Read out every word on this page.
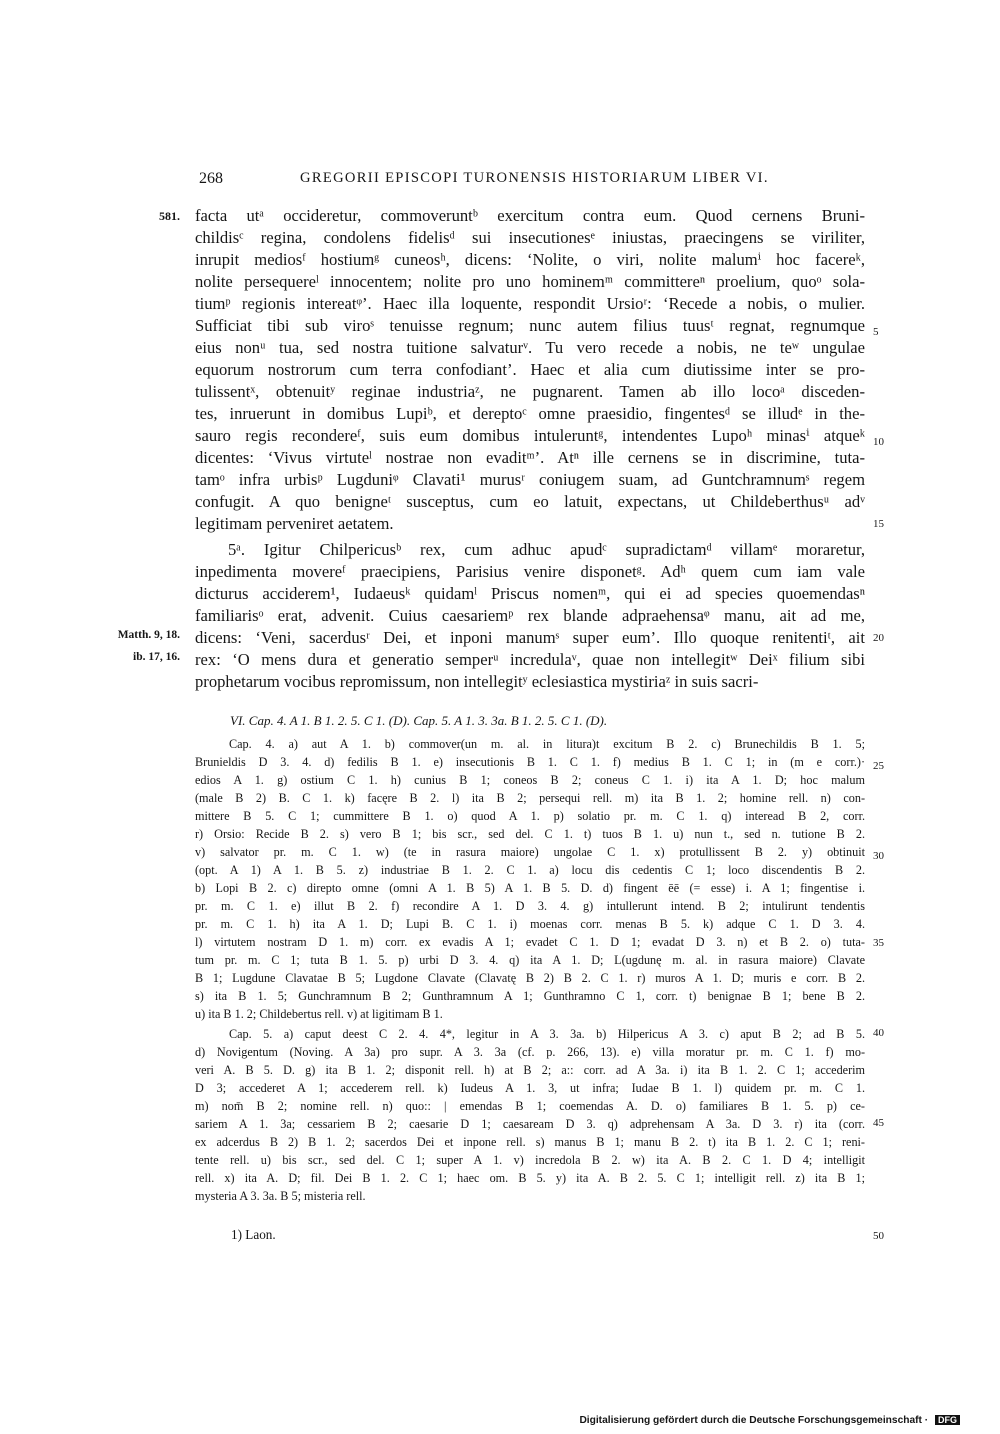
268	GREGORII EPISCOPI TURONENSIS HISTORIARUM LIBER VI.
581.
Matth. 9, 18.
ib. 17, 16.
facta utᵃ occideretur, commoveruntᵇ exercitum contra eum. Quod cernens Bruni-
childisᶜ regina, condolens fidelisᵈ sui insecutionesᵉ iniustas, praecingens se viriliter,
inrupit mediosᶠ hostiumᵍ cuneosʰ, dicens: ‘Nolite, o viri, nolite malumⁱ hoc facereᵏ,
nolite persequereˡ innocentem; nolite pro uno hominemᵐ committereⁿ proelium, quoᵒ sola-
tiumᵖ regionis intereatᵠ’. Haec illa loquente, respondit Ursioʳ: ‘Recede a nobis, o mulier.
Sufficiat tibi sub viroˢ tenuisse regnum; nunc autem filius tuusᵗ regnat, regnumque
eius nonᵘ tua, sed nostra tuitione salvaturᵛ. Tu vero recede a nobis, ne teʷ ungulae
equorum nostrorum cum terra confodiant’. Haec et alia cum diutissime inter se pro-
tulissentˣ, obtenuitʸ reginae industriaᶻ, ne pugnarent. Tamen ab illo locoᵃ disceden-
tes, inruerunt in domibus Lupiᵇ, et dereptoᶜ omne praesidio, fingentesᵈ se illudᵉ in the-
sauro regis recondereᶠ, suis eum domibus intuleruntᵍ, intendentes Lupoʰ minasⁱ atqueᵏ
dicentes: ‘Vivus virtuteˡ nostrae non evaditᵐ’. Atⁿ ille cernens se in discrimine, tuta-
tamᵒ infra urbisᵖ Lugduniᵠ Clavati¹ murusʳ coniugem suam, ad Guntchramnumˢ regem
confugit. A quo benigneᵗ susceptus, cum eo latuit, expectans, ut Childeberthusᵘ adᵛ
legitimam perveniret aetatem.
5ᵃ. Igitur Chilpericusᵇ rex, cum adhuc apudᶜ supradictamᵈ villamᵉ moraretur,
inpedimenta movereᶠ praecipiens, Parisius venire disponetᵍ. Adʰ quem cum iam vale
dicturus acciderem¹, Iudaeusᵏ quidamˡ Priscus nomenᵐ, qui ei ad species quoemendasⁿ
familiarisᵒ erat, advenit. Cuius caesariemᵖ rex blande adpraehensaᵠ manu, ait ad me,
dicens: ‘Veni, sacerdusʳ Dei, et inponi manumˢ super eum’. Illo quoque renitentiᵗ, ait
rex: ‘O mens dura et generatio semperᵘ incredulaᵛ, quae non intellegitʷ Deiˣ filium sibi
prophetarum vocibus repromissum, non intellegitʸ eclesiastica mystiriaᶻ in suis sacri-
5
10
15
20
25
30
35
40
45
50
VI. Cap. 4. A 1. B 1. 2. 5. C 1. (D). Cap. 5. A 1. 3. 3a. B 1. 2. 5. C 1. (D).
Cap. 4. a) aut A 1. b) commover(un m. al. in litura)t excitum B 2. c) Brunechildis B 1. 5;
Brunieldis D 3. 4. d) fedilis B 1. e) insecutionis B 1. C 1. f) medius B 1. C 1; in (m e corr.)·
edios A 1. g) ostium C 1. h) cunius B 1; coneos B 2; coneus C 1. i) ita A 1. D; hoc malum
(male B 2) B. C 1. k) facęre B 2. l) ita B 2; persequi rell. m) ita B 1. 2; homine rell. n) con-
mittere B 5. C 1; cummittere B 1. o) quod A 1. p) solatio pr. m. C 1. q) interead B 2, corr.
r) Orsio: Recide B 2. s) vero B 1; bis scr., sed del. C 1. t) tuos B 1. u) nun t., sed n. tutione B 2.
v) salvator pr. m. C 1. w) (te in rasura maiore) ungolae C 1. x) protullissent B 2. y) obtinuit
(opt. A 1) A 1. B 5. z) industriae B 1. 2. C 1. a) locu dis cedentis C 1; loco discendentis B 2.
b) Lopi B 2. c) direpto omne (omni A 1. B 5) A 1. B 5. D. d) fingent ēē (= esse) i. A 1; fingentise i.
pr. m. C 1. e) illut B 2. f) recondire A 1. D 3. 4. g) intullerunt intend. B 2; intulirunt tendentis
pr. m. C 1. h) ita A 1. D; Lupi B. C 1. i) moenas corr. menas B 5. k) adque C 1. D 3. 4.
l) virtutem nostram D 1. m) corr. ex evadis A 1; evadet C 1. D 1; evadat D 3. n) et B 2. o) tuta-
tum pr. m. C 1; tuta B 1. 5. p) urbi D 3. 4. q) ita A 1. D; L(ugdunę m. al. in rasura maiore) Clavate
B 1; Lugdune Clavatae B 5; Lugdone Clavate (Clavatę B 2) B 2. C 1. r) muros A 1. D; muris e corr. B 2.
s) ita B 1. 5; Gunchramnum B 2; Gunthramnum A 1; Gunthramno C 1, corr. t) benignae B 1; bene B 2.
u) ita B 1. 2; Childebertus rell. v) at ligitimam B 1.
Cap. 5. a) caput deest C 2. 4. 4*, legitur in A 3. 3a. b) Hilpericus A 3. c) aput B 2; ad B 5.
d) Novigentum (Noving. A 3a) pro supr. A 3. 3a (cf. p. 266, 13). e) villa moratur pr. m. C 1. f) mo-
veri A. B 5. D. g) ita B 1. 2; disponit rell. h) at B 2; a:: corr. ad A 3a. i) ita B 1. 2. C 1; accederim
D 3; accederet A 1; accederem rell. k) Iudeus A 1. 3, ut infra; Iudae B 1. l) quidem pr. m. C 1.
m) nom̄ B 2; nomine rell. n) quo:: | emendas B 1; coemendas A. D. o) familiares B 1. 5. p) ce-
sariem A 1. 3a; cessariem B 2; caesarie D 1; caesaream D 3. q) adprehensam A 3a. D 3. r) ita (corr.
ex adcerdus B 2) B 1. 2; sacerdos Dei et inpone rell. s) manus B 1; manu B 2. t) ita B 1. 2. C 1; reni-
tente rell. u) bis scr., sed del. C 1; super A 1. v) incredola B 2. w) ita A. B 2. C 1. D 4; intelligit
rell. x) ita A. D; fil. Dei B 1. 2. C 1; haec om. B 5. y) ita A. B 2. 5. C 1; intelligit rell. z) ita B 1;
mysteria A 3. 3a. B 5; misteria rell.
1) Laon.
Digitalisierung gefördert durch die Deutsche Forschungsgemeinschaft · DFG
